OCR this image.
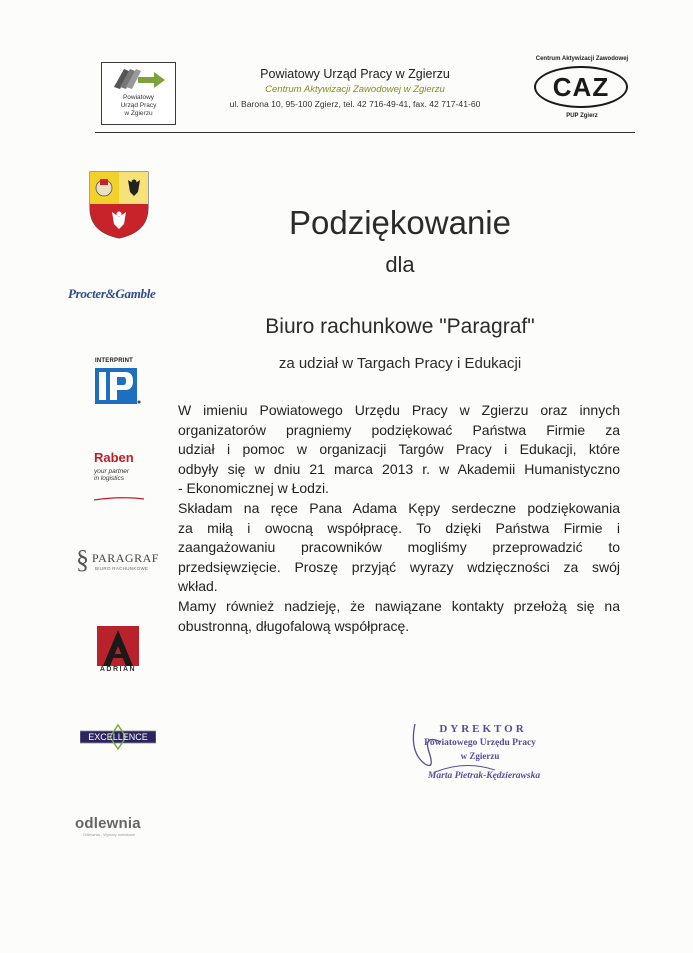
Powiatowy
Urząd Pracy
w Zgierzu
Powiatowy Urząd Pracy w Zgierzu
Centrum Aktywizacji Zawodowej w Zgierzu
ul. Barona 10, 95-100 Zgierz, tel. 42 716-49-41, fax. 42 717-41-60
Centrum Aktywizacji Zawodowej
CAZ
PUP Zgierz
Procter&Gamble
INTERPRINT
Raben
your partner
in logistics
§ PARAGRAF
BIURO RACHUNKOWE
ADRIAN
EXCELLENCE
odlewnia
Odlewnia - Wyroby metalowe
Podziękowanie
dla
Biuro rachunkowe "Paragraf"
za udział w Targach Pracy i Edukacji
W imieniu Powiatowego Urzędu Pracy w Zgierzu oraz innych
organizatorów pragniemy podziękować Państwa Firmie za
udział i pomoc w organizacji Targów Pracy i Edukacji, które
odbyły się w dniu 21 marca 2013 r. w Akademii Humanistyczno
- Ekonomicznej w Łodzi.
Składam na ręce Pana Adama Kępy serdeczne podziękowania
za miłą i owocną współpracę. To dzięki Państwa Firmie i
zaangażowaniu pracowników mogliśmy przeprowadzić to
przedsięwzięcie. Proszę przyjąć wyrazy wdzięczności za swój
wkład.
Mamy również nadzieję, że nawiązane kontakty przełożą się na
obustronną, długofalową współpracę.
DYREKTOR
Powiatowego Urzędu Pracy
w Zgierzu
Marta Pietrak-Kędzierawska
